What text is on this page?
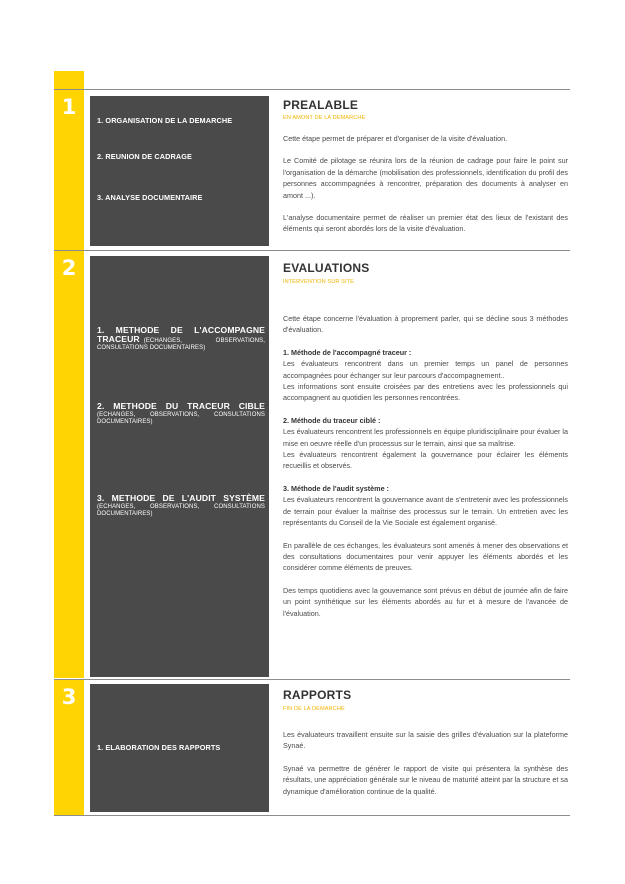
1
2
3
1. ORGANISATION DE LA DEMARCHE
2. REUNION DE CADRAGE
3. ANALYSE DOCUMENTAIRE
1. METHODE DE L'ACCOMPAGNE
TRACEUR (ECHANGES, OBSERVATIONS,
CONSULTATIONS DOCUMENTAIRES)
2. METHODE DU TRACEUR CIBLE
(ECHANGES, OBSERVATIONS, CONSULTATIONS DOCUMENTAIRES)
3. METHODE DE L'AUDIT SYSTÈME
(ECHANGES, OBSERVATIONS, CONSULTATIONS DOCUMENTAIRES)
1. ELABORATION DES RAPPORTS
PREALABLE
EN AMONT DE LA DEMARCHE

Cette étape permet de préparer et d'organiser de la visite d'évaluation.

Le Comité de pilotage se réunira lors de la réunion de cadrage pour faire le point sur l'organisation de la démarche (mobilisation des professionnels, identification du profil des personnes accommpagnées à rencontrer, préparation des documents à analyser en amont ...).

L'analyse documentaire permet de réaliser un premier état des lieux de l'existant des éléments qui seront abordés lors de la visite d'évaluation.

EVALUATIONS
INTERVENTION SUR SITE

Cette étape concerne l'évaluation à proprement parler, qui se décline sous 3 méthodes d'évaluation.

1. Méthode de l'accompagné traceur :

Les évaluateurs rencontrent dans un premier temps un panel de personnes accompagnées pour échanger sur leur parcours d'accompagnement..

Les informations sont ensuite croisées par des entretiens avec les professionnels qui accompagnent au quotidien les personnes rencontrées.

2. Méthode du traceur ciblé :

Les évaluateurs rencontrent les professionnels en équipe pluridisciplinaire pour évaluer la mise en oeuvre réelle d'un processus sur le terrain, ainsi que sa maîtrise.

Les évaluateurs rencontrent également la gouvernance pour éclairer les éléments recueillis et observés.

3. Méthode de l'audit système :

Les évaluateurs rencontrent la gouvernance avant de s'entretenir avec les professionnels de terrain pour évaluer la maîtrise des processus sur le terrain. Un entretien avec les représentants du Conseil de la Vie Sociale est également organisé.

En parallèle de ces échanges, les évaluateurs sont amenés à mener des observations et des consultations documentaires pour venir appuyer les éléments abordés et les considérer comme éléments de preuves.

Des temps quotidiens avec la gouvernance sont prévus en début de journée afin de faire un point synthétique sur les éléments abordés au fur et à mesure de l'avancée de l'évaluation.

RAPPORTS
FIN DE LA DEMARCHE

Les évaluateurs travaillent ensuite sur la saisie des grilles d'évaluation sur la plateforme Synaé.

Synaé va permettre de générer le rapport de visite qui présentera la synthèse des résultats, une appréciation générale sur le niveau de maturité atteint par la structure et sa dynamique d'amélioration continue de la qualité.
